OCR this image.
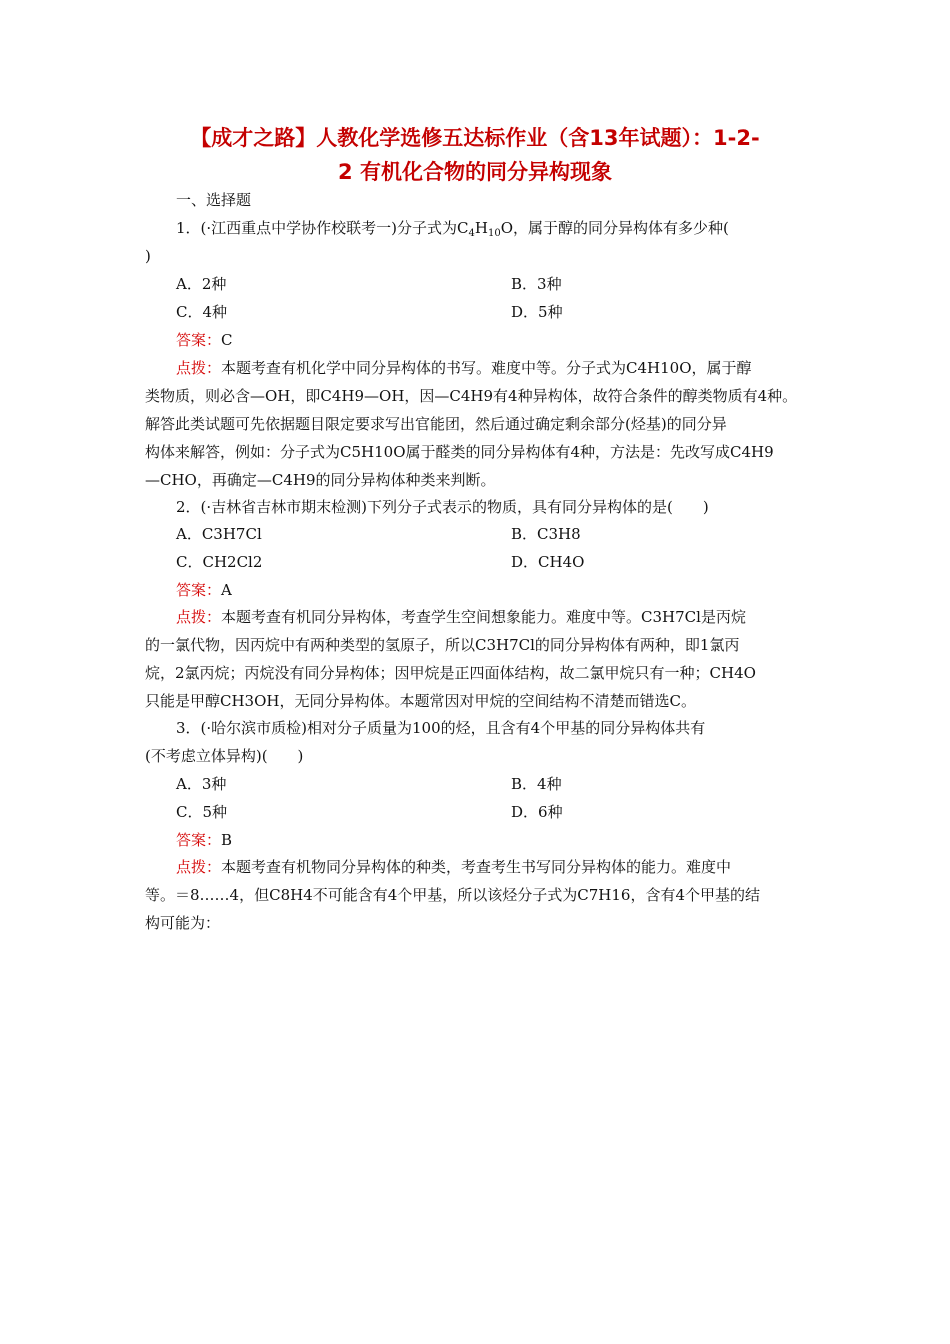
【成才之路】人教化学选修五达标作业（含13年试题）：1-2-
2 有机化合物的同分异构现象
一、选择题
1．(·江西重点中学协作校联考一)分子式为$C_4H_{10}O$，属于醇的同分异构体有多少种(
)
A．2种	B．3种
C．4种	D．5种
答案：C
点拨：本题考查有机化学中同分异构体的书写。难度中等。分子式为C4H10O，属于醇
类物质，则必含—OH，即C4H9—OH，因—C4H9有4种异构体，故符合条件的醇类物质有4种。
解答此类试题可先依据题目限定要求写出官能团，然后通过确定剩余部分(烃基)的同分异
构体来解答，例如：分子式为C5H10O属于醛类的同分异构体有4种，方法是：先改写成C4H9
—CHO，再确定—C4H9的同分异构体种类来判断。
2．(·吉林省吉林市期末检测)下列分子式表示的物质，具有同分异构体的是(　　)
A．C3H7Cl	B．C3H8
C．CH2Cl2	D．CH4O
答案：A
点拨：本题考查有机同分异构体，考查学生空间想象能力。难度中等。C3H7Cl是丙烷
的一氯代物，因丙烷中有两种类型的氢原子，所以C3H7Cl的同分异构体有两种，即1氯丙
烷，2氯丙烷；丙烷没有同分异构体；因甲烷是正四面体结构，故二氯甲烷只有一种；CH4O
只能是甲醇CH3OH，无同分异构体。本题常因对甲烷的空间结构不清楚而错选C。
3．(·哈尔滨市质检)相对分子质量为100的烃，且含有4个甲基的同分异构体共有
(不考虑立体异构)(　　)
A．3种	B．4种
C．5种	D．6种
答案：B
点拨：本题考查有机物同分异构体的种类，考查考生书写同分异构体的能力。难度中
等。＝8……4，但C8H4不可能含有4个甲基，所以该烃分子式为C7H16，含有4个甲基的结
构可能为：
